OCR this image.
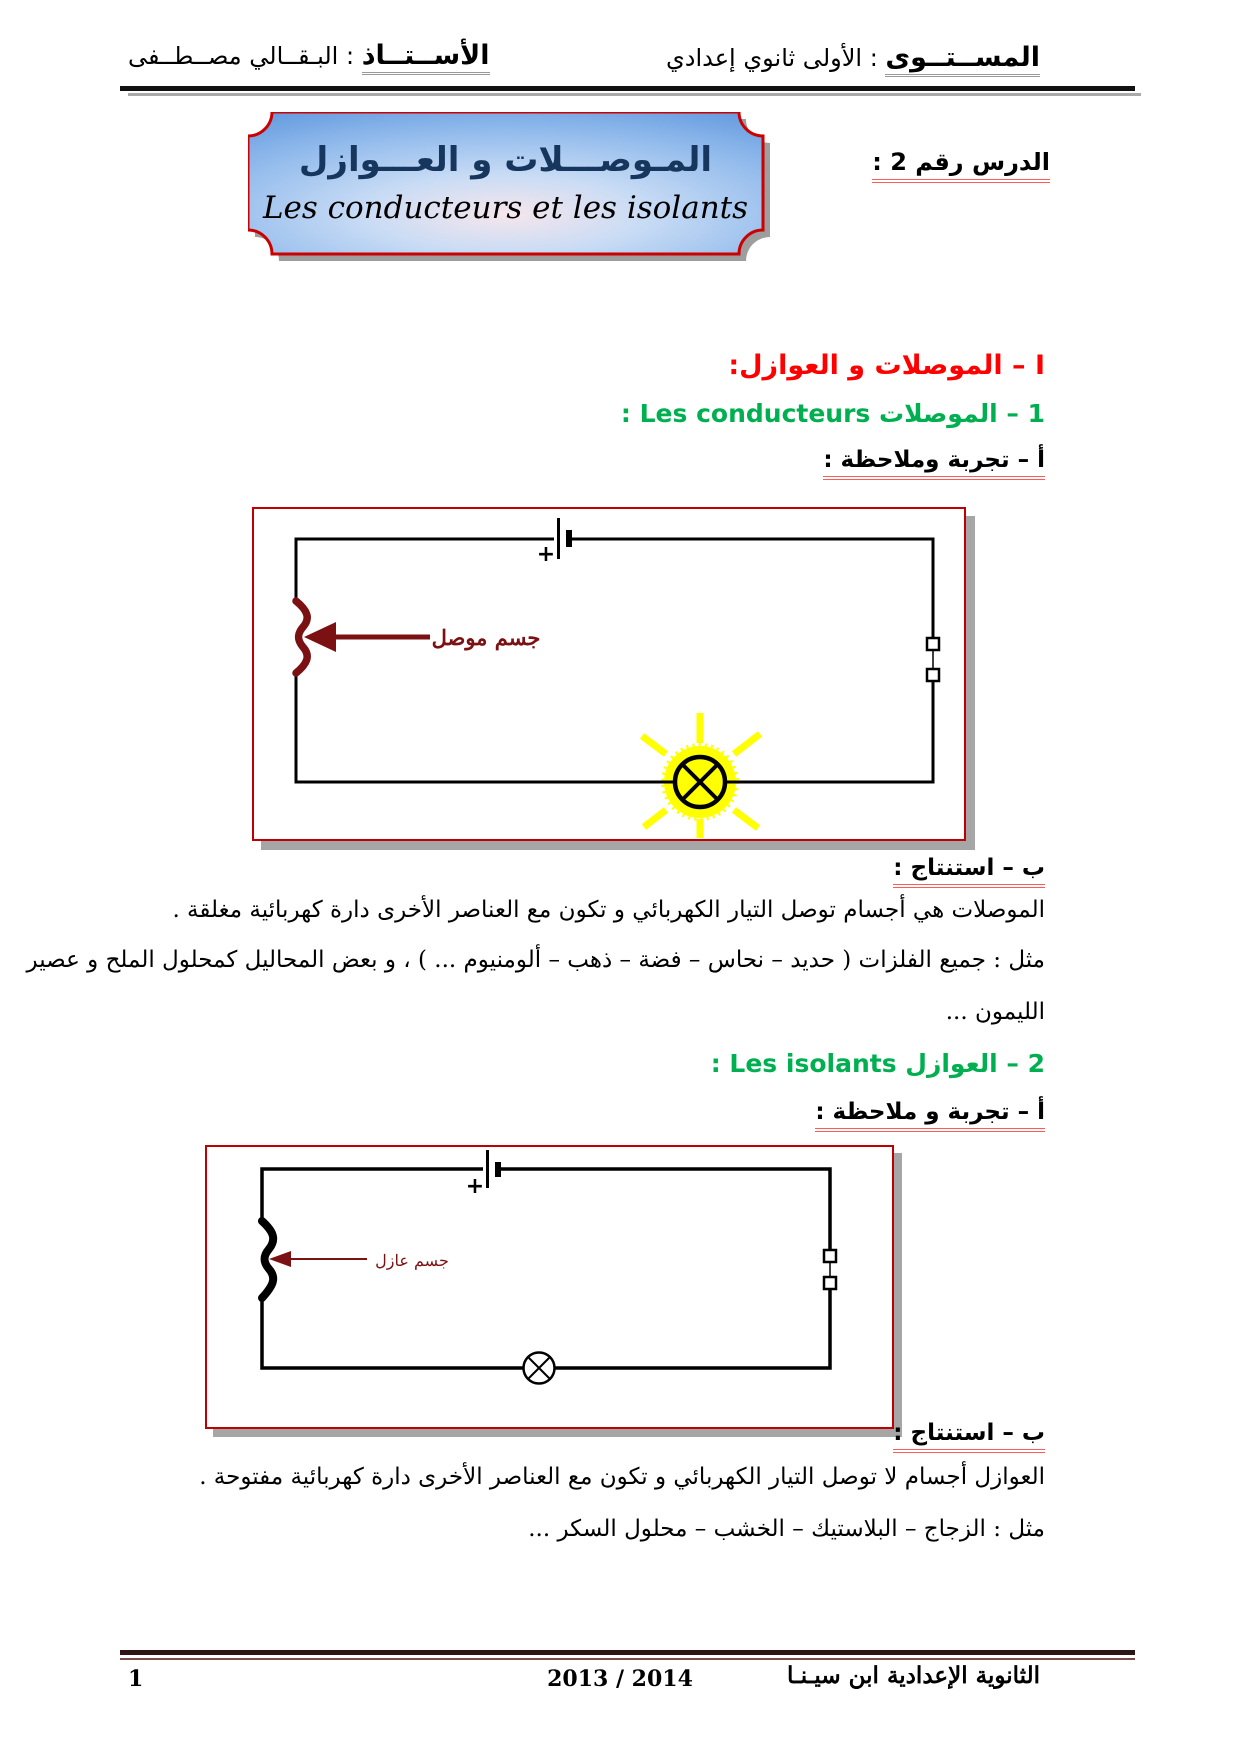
المســتــوى : الأولى ثانوي إعدادي
الأســتــاذ : البـقــالي مصــطــفى
الدرس رقم 2 :
المـوصـــلات و العـــوازل
Les conducteurs et les isolants
I – الموصلات و العوازل:
1 – الموصلات Les conducteurs :
أ – تجربة وملاحظة :
+
جسم موصل
ب – استنتاج :
الموصلات هي أجسام توصل التيار الكهربائي و تكون مع العناصر الأخرى دارة كهربائية مغلقة .
مثل : جميع الفلزات ( حديد – نحاس – فضة – ذهب – ألومنيوم ... ) ، و بعض المحاليل كمحلول الملح و عصير
الليمون ...
2 – العوازل Les isolants :
أ – تجربة و ملاحظة :
+
جسم عازل
ب – استنتاج :
العوازل أجسام لا توصل التيار الكهربائي و تكون مع العناصر الأخرى دارة كهربائية مفتوحة .
مثل : الزجاج – البلاستيك – الخشب – محلول السكر ...
1	2013 / 2014	الثانوية الإعدادية ابن سيـنـا
